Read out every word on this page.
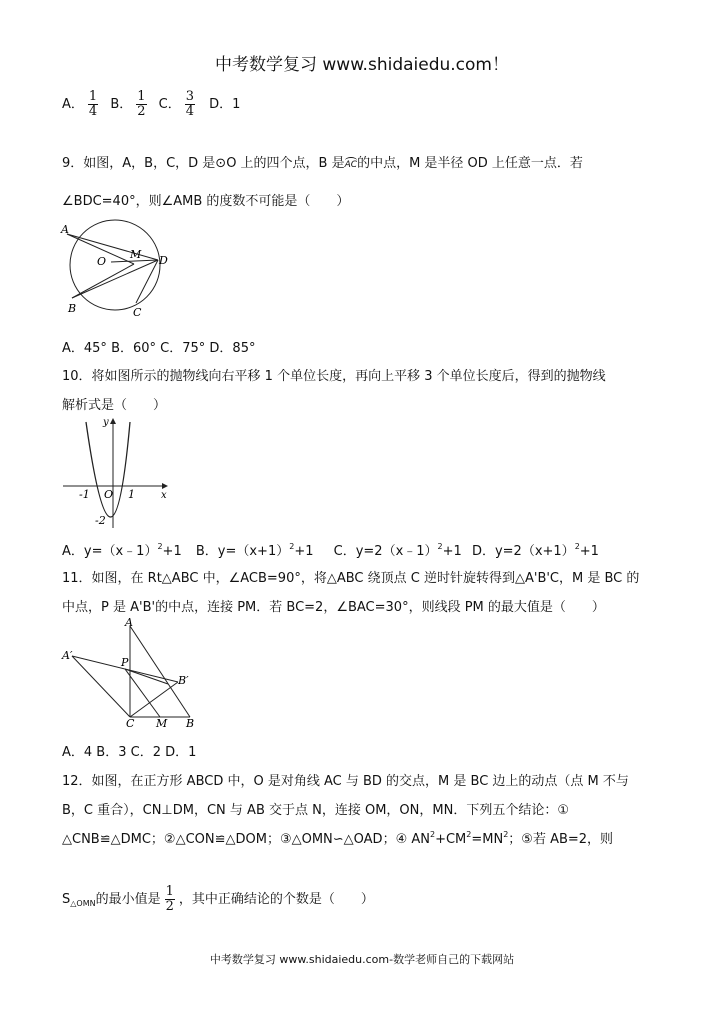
中考数学复习 www.shidaiedu.com！
A． $\frac{1}{4}$ B． $\frac{1}{2}$ C． $\frac{3}{4}$ D．1
9．如图，A，B，C，D 是⊙O 上的四个点，B 是AC的中点，M 是半径 OD 上任意一点．若
∠BDC=40°，则∠AMB 的度数不可能是（　　）
A
O
M D
B	C
A．45° B．60° C．75° D．85°
10．将如图所示的抛物线向右平移 1 个单位长度，再向上平移 3 个单位长度后，得到的抛物线
解析式是（　　）
y
x
-1 O 1
-2
A．y=（x﹣1）$^2$+1 B．$y=(x+1)^2+1$ C．y=2（x﹣1）$^2$+1 D．$y=2(x+1)^2+1$
11．如图，在 Rt△ABC 中，∠ACB=90°，将△ABC 绕顶点 C 逆时针旋转得到△A'B'C，M 是 BC 的
中点，P 是 A'B'的中点，连接 PM．若 BC=2，∠BAC=30°，则线段 PM 的最大值是（　　）
A
A′
P
B′
C M B
A．4 B．3 C．2 D．1
12．如图，在正方形 ABCD 中，O 是对角线 AC 与 BD 的交点，M 是 BC 边上的动点（点 M 不与
B，C 重合），CN⊥DM，CN 与 AB 交于点 N，连接 OM，ON，MN．下列五个结论：①
△CNB≌△DMC；②△CON≌△DOM；③△OMN∽△OAD；④ $AN^2+CM^2=MN^2$；⑤若 AB=2，则
$S_{\triangle OMN}$的最小值是 $\frac{1}{2}$ ，其中正确结论的个数是（　　）
中考数学复习 www.shidaiedu.com-数学老师自己的下载网站
